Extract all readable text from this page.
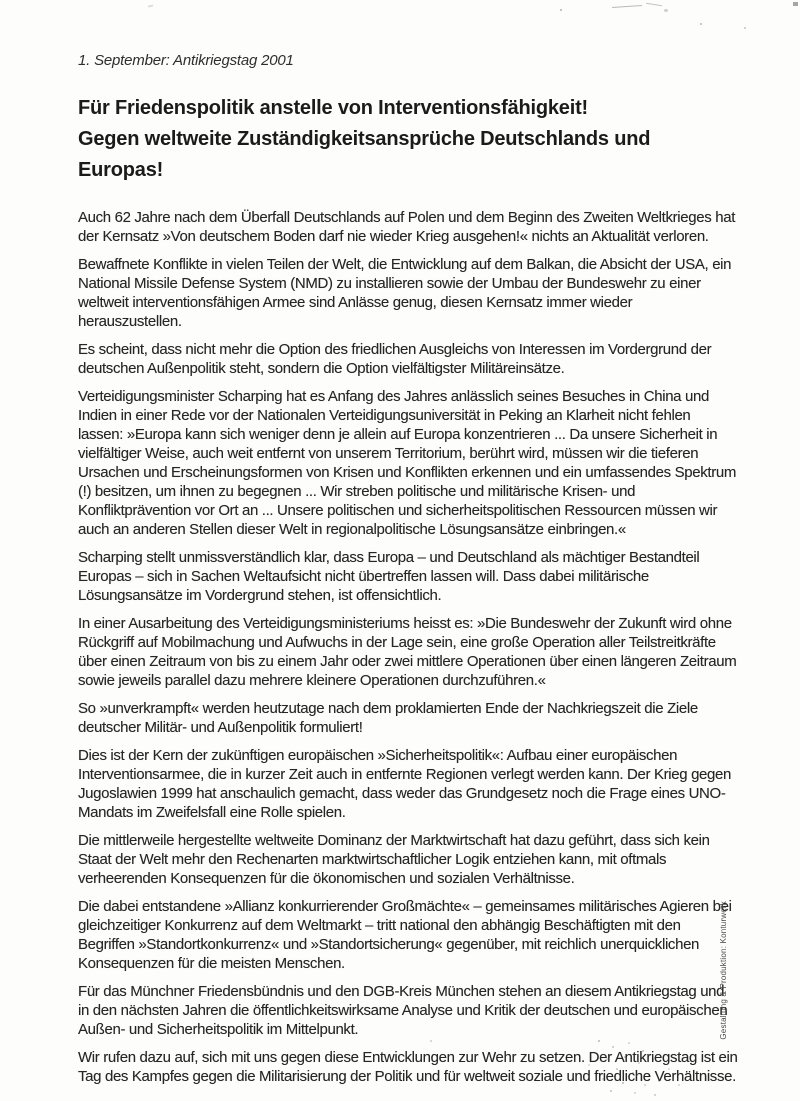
1. September: Antikriegstag 2001

Für Friedenspolitik anstelle von Interventionsfähigkeit!
Gegen weltweite Zuständigkeitsansprüche Deutschlands und Europas!

Auch 62 Jahre nach dem Überfall Deutschlands auf Polen und dem Beginn des Zweiten Weltkrieges hat der Kernsatz »Von deutschem Boden darf nie wieder Krieg ausgehen!« nichts an Aktualität verloren.

Bewaffnete Konflikte in vielen Teilen der Welt, die Entwicklung auf dem Balkan, die Absicht der USA, ein National Missile Defense System (NMD) zu installieren sowie der Umbau der Bundeswehr zu einer weltweit interventionsfähigen Armee sind Anlässe genug, diesen Kernsatz immer wieder herauszustellen.

Es scheint, dass nicht mehr die Option des friedlichen Ausgleichs von Interessen im Vordergrund der deutschen Außenpolitik steht, sondern die Option vielfältigster Militäreinsätze.

Verteidigungsminister Scharping hat es Anfang des Jahres anlässlich seines Besuches in China und Indien in einer Rede vor der Nationalen Verteidigungsuniversität in Peking an Klarheit nicht fehlen lassen: »Europa kann sich weniger denn je allein auf Europa konzentrieren ... Da unsere Sicherheit in vielfältiger Weise, auch weit entfernt von unserem Territorium, berührt wird, müssen wir die tieferen Ursachen und Erscheinungsformen von Krisen und Konflikten erkennen und ein umfassendes Spektrum (!) besitzen, um ihnen zu begegnen ... Wir streben politische und militärische Krisen- und Konfliktprävention vor Ort an ... Unsere politischen und sicherheitspolitischen Ressourcen müssen wir auch an anderen Stellen dieser Welt in regionalpolitische Lösungsansätze einbringen.«

Scharping stellt unmissverständlich klar, dass Europa – und Deutschland als mächtiger Bestandteil Europas – sich in Sachen Weltaufsicht nicht übertreffen lassen will. Dass dabei militärische Lösungsansätze im Vordergrund stehen, ist offensichtlich.

In einer Ausarbeitung des Verteidigungsministeriums heisst es: »Die Bundeswehr der Zukunft wird ohne Rückgriff auf Mobilmachung und Aufwuchs in der Lage sein, eine große Operation aller Teilstreitkräfte über einen Zeitraum von bis zu einem Jahr oder zwei mittlere Operationen über einen längeren Zeitraum sowie jeweils parallel dazu mehrere kleinere Operationen durchzuführen.«

So »unverkrampft« werden heutzutage nach dem proklamierten Ende der Nachkriegszeit die Ziele deutscher Militär- und Außenpolitik formuliert!

Dies ist der Kern der zukünftigen europäischen »Sicherheitspolitik«: Aufbau einer europäischen Interventionsarmee, die in kurzer Zeit auch in entfernte Regionen verlegt werden kann. Der Krieg gegen Jugoslawien 1999 hat anschaulich gemacht, dass weder das Grundgesetz noch die Frage eines UNO-Mandats im Zweifelsfall eine Rolle spielen.

Die mittlerweile hergestellte weltweite Dominanz der Marktwirtschaft hat dazu geführt, dass sich kein Staat der Welt mehr den Rechenarten marktwirtschaftlicher Logik entziehen kann, mit oftmals verheerenden Konsequenzen für die ökonomischen und sozialen Verhältnisse.

Die dabei entstandene »Allianz konkurrierender Großmächte« – gemeinsames militärisches Agieren bei gleichzeitiger Konkurrenz auf dem Weltmarkt – tritt national den abhängig Beschäftigten mit den Begriffen »Standortkonkurrenz« und »Standortsicherung« gegenüber, mit reichlich unerquicklichen Konsequenzen für die meisten Menschen.

Für das Münchner Friedensbündnis und den DGB-Kreis München stehen an diesem Antikriegstag und in den nächsten Jahren die öffentlichkeitswirksame Analyse und Kritik der deutschen und europäischen Außen- und Sicherheitspolitik im Mittelpunkt.

Wir rufen dazu auf, sich mit uns gegen diese Entwicklungen zur Wehr zu setzen. Der Antikriegstag ist ein Tag des Kampfes gegen die Militarisierung der Politik und für weltweit soziale und friedliche Verhältnisse.

Gestaltung & Produktion: Konturwerk
